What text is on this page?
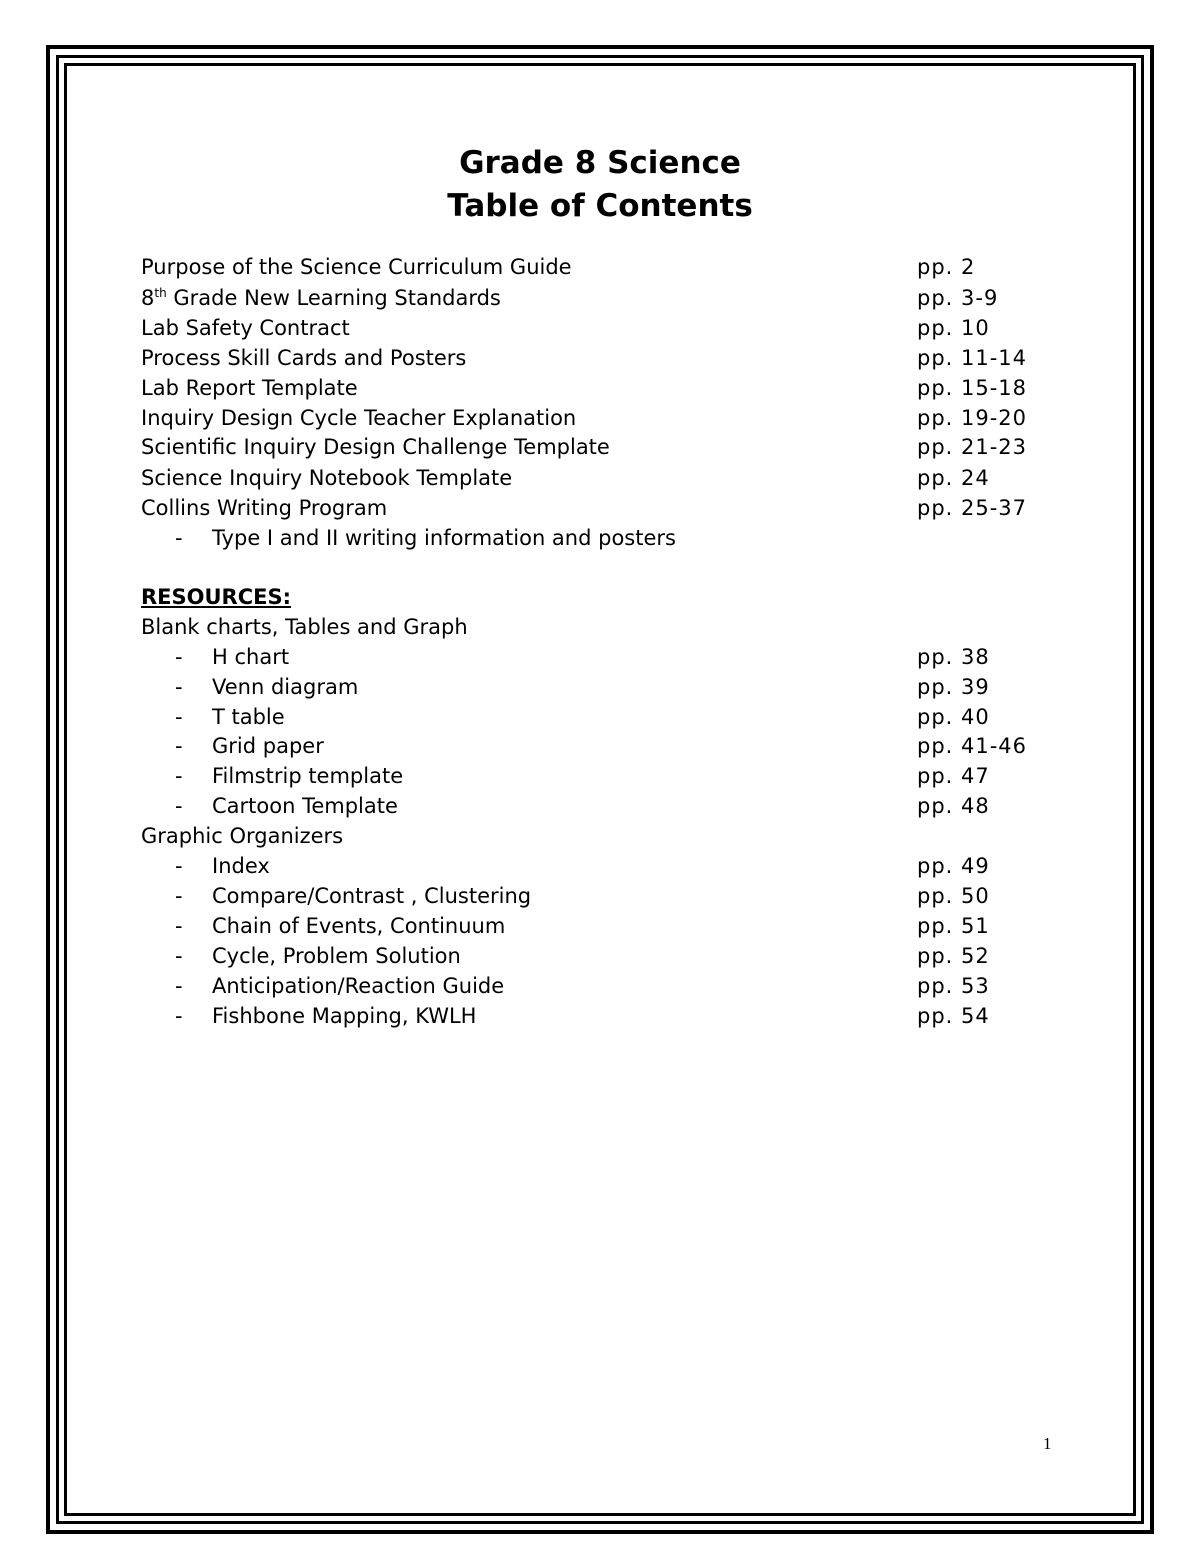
Grade 8 Science
Table of Contents
Purpose of the Science Curriculum Guide	pp. 2
8th Grade New Learning Standards	pp. 3-9
Lab Safety Contract	pp. 10
Process Skill Cards and Posters	pp. 11-14
Lab Report Template	pp. 15-18
Inquiry Design Cycle Teacher Explanation	pp. 19-20
Scientific Inquiry Design Challenge Template	pp. 21-23
Science Inquiry Notebook Template	pp. 24
Collins Writing Program	pp. 25-37
- Type I and II writing information and posters
RESOURCES:
Blank charts, Tables and Graph
- H chart	pp. 38
- Venn diagram	pp. 39
- T table	pp. 40
- Grid paper	pp. 41-46
- Filmstrip template	pp. 47
- Cartoon Template	pp. 48
Graphic Organizers
- Index	pp. 49
- Compare/Contrast , Clustering	pp. 50
- Chain of Events, Continuum	pp. 51
- Cycle, Problem Solution	pp. 52
- Anticipation/Reaction Guide	pp. 53
- Fishbone Mapping, KWLH	pp. 54
1
